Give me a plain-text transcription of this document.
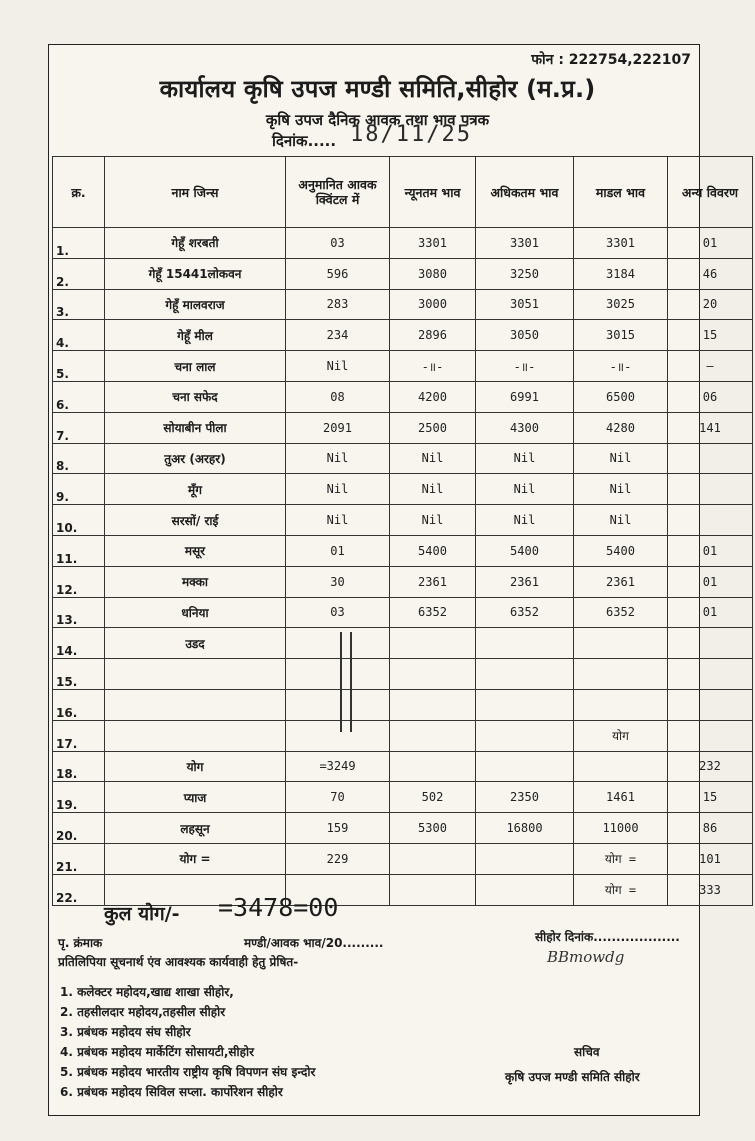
फोन : 222754,222107
कार्यालय कृषि उपज मण्डी समिति,सीहोर (म.प्र.)
कृषि उपज दैनिक आवक तथा भाव पत्रक
दिनांक..... 18/11/25
क्र.	नाम जिन्स	अनुमानित आवक क्विंटल में	न्यूनतम भाव	अधिकतम भाव	माडल भाव	अन्य विवरण
1.	गेहूँ शरबती	03	3301	3301	3301	01
2.	गेहूँ 15441लोकवन	596	3080	3250	3184	46
3.	गेहूँ मालवराज	283	3000	3051	3025	20
4.	गेहूँ मील	234	2896	3050	3015	15
5.	चना लाल	Nil	-॥-	-॥-	-॥-	—
6.	चना सफेद	08	4200	6991	6500	06
7.	सोयाबीन पीला	2091	2500	4300	4280	141
8.	तुअर (अरहर)	Nil	Nil	Nil	Nil	
9.	मूँग	Nil	Nil	Nil	Nil	
10.	सरसों/ राई	Nil	Nil	Nil	Nil	
11.	मसूर	01	5400	5400	5400	01
12.	मक्का	30	2361	2361	2361	01
13.	धनिया	03	6352	6352	6352	01
14.	उडद					
15.						
16.						
17.					योग	
18.	योग	=3249				232
19.	प्याज	70	502	2350	1461	15
20.	लहसून	159	5300	16800	11000	86
21.	योग =	229			योग =	101
22.					योग =	333
कुल योग/- =3478=00
पृ. क्रंमाक	मण्डी/आवक भाव/20.........	सीहोर दिनांक...................
प्रतिलिपिया सूचनार्थ एंव आवश्यक कार्यवाही हेतु प्रेषित-	BBmowdg
1. कलेक्टर महोदय,खाद्य शाखा सीहोर,
2. तहसीलदार महोदय,तहसील सीहोर
3. प्रबंधक महोदय संघ सीहोर
4. प्रबंधक महोदय मार्केटिंग सोसायटी,सीहोर
5. प्रबंधक महोदय भारतीय राष्ट्रीय कृषि विपणन संघ इन्दोर
6. प्रबंधक महोदय सिविल सप्ला. कार्पोरेशन सीहोर
सचिव
कृषि उपज मण्डी समिति सीहोर
